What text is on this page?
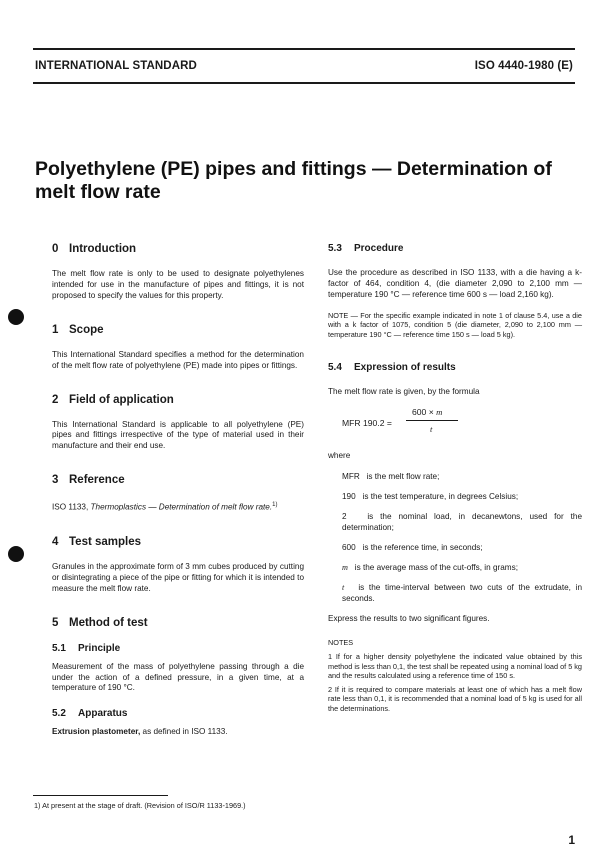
INTERNATIONAL STANDARD	ISO 4440-1980 (E)
Polyethylene (PE) pipes and fittings — Determination of melt flow rate
0 Introduction

The melt flow rate is only to be used to designate polyethylenes intended for use in the manufacture of pipes and fittings, it is not proposed to specify the values for this property.

1 Scope

This International Standard specifies a method for the determination of the melt flow rate of polyethylene (PE) made into pipes or fittings.

2 Field of application

This International Standard is applicable to all polyethylene (PE) pipes and fittings irrespective of the type of material used in their manufacture and their end use.

3 Reference

ISO 1133, Thermoplastics — Determination of melt flow rate.$^{1)}$

4 Test samples

Granules in the approximate form of 3 mm cubes produced by cutting or disintegrating a piece of the pipe or fitting for which it is intended to measure the melt flow rate.

5 Method of test
5.1 Principle

Measurement of the mass of polyethylene passing through a die under the action of a defined pressure, in a given time, at a temperature of 190 °C.

5.2 Apparatus

Extrusion plastometer, as defined in ISO 1133.

5.3 Procedure

Use the procedure as described in ISO 1133, with a die having a k-factor of 464, condition 4, (die diameter 2,090 to 2,100 mm — temperature 190 °C — reference time 600 s — load 2,160 kg).

NOTE — For the specific example indicated in note 1 of clause 5.4, use a die with a k factor of 1075, condition 5 (die diameter, 2,090 to 2,100 mm — temperature 190 °C — reference time 150 s — load 5 kg).

5.4 Expression of results

The melt flow rate is given, by the formula

MFR 190.2 =
600 × m
t

where

MFR is the melt flow rate;
190 is the test temperature, in degrees Celsius;
2	is the nominal load, in decanewtons, used for the determination;
600 is the reference time, in seconds;
m is the average mass of the cut-offs, in grams;
t is the time-interval between two cuts of the extrudate, in seconds.

Express the results to two significant figures.

NOTES

1 If for a higher density polyethylene the indicated value obtained by this method is less than 0,1, the test shall be repeated using a nominal load of 5 kg and the results calculated using a reference time of 150 s.

2 If it is required to compare materials at least one of which has a melt flow rate less than 0,1, it is recommended that a nominal load of 5 kg is used for all the determinations.

1) At present at the stage of draft. (Revision of ISO/R 1133-1969.)
1
